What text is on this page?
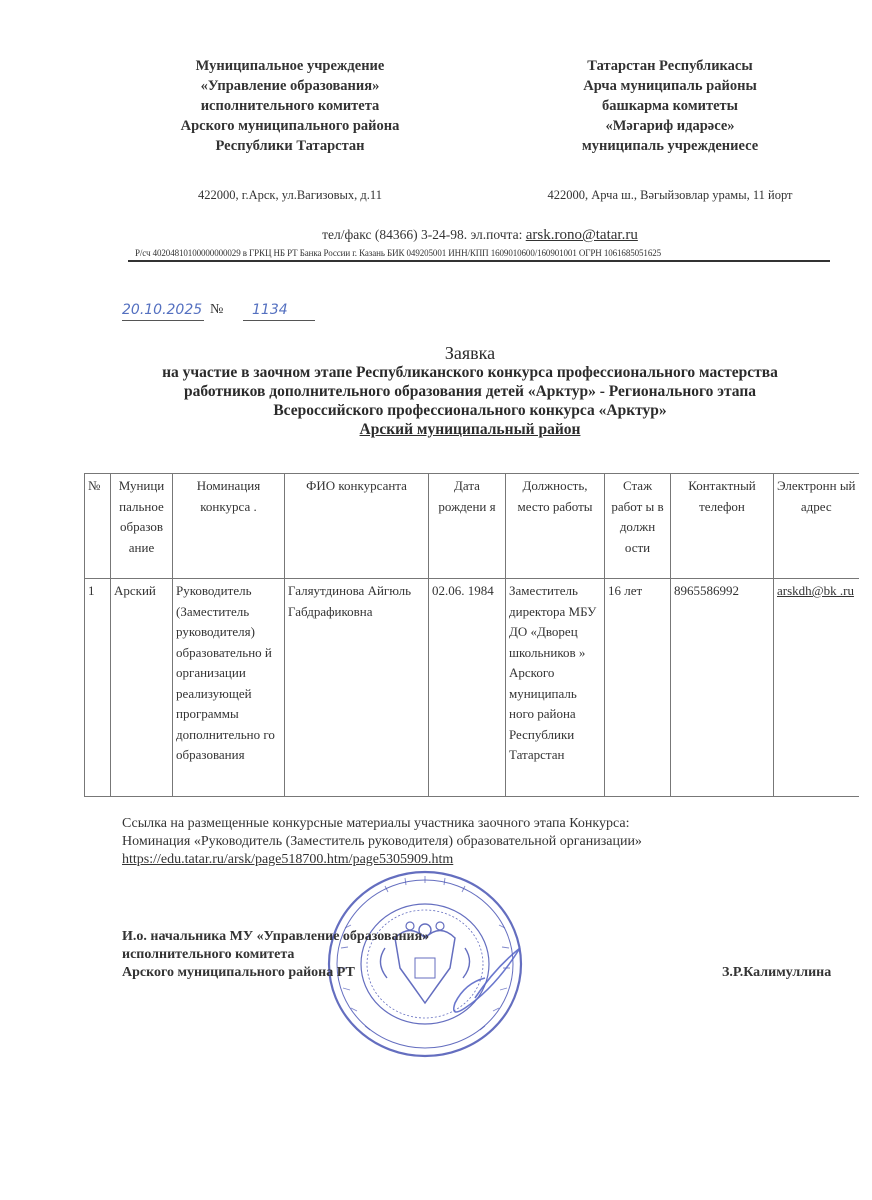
Муниципальное учреждение
«Управление образования»
исполнительного комитета
Арского муниципального района
Республики Татарстан
422000, г.Арск, ул.Вагизовых, д.11
Татарстан Республикасы
Арча муниципаль районы
башкарма комитеты
«Мәгариф идарәсе»
муниципаль учреждениесе
422000, Арча ш., Вәгыйзовлар урамы, 11 йорт
тел/факс (84366) 3-24-98. эл.почта: arsk.rono@tatar.ru
Р/сч 40204810100000000029 в ГРКЦ НБ РТ Банка России г. Казань БИК 049205001 ИНН/КПП 1609010600/160901001 ОГРН 1061685051625
20.10.2025 № 1134
Заявка
на участие в заочном этапе Республиканского конкурса профессионального мастерства
работников дополнительного образования детей «Арктур» - Регионального этапа
Всероссийского профессионального конкурса «Арктур»
Арский муниципальный район
№	Муници пальное образов ание	Номинация конкурса .	ФИО конкурсанта	Дата рождени я	Должность, место работы	Стаж работ ы в должн ости	Контактный телефон	Электронн ый адрес
1	Арский	Руководитель (Заместитель руководителя) образовательно й организации реализующей программы дополнительно го образования	Галяутдинова Айгюль Габдрафиковна	02.06. 1984	Заместитель директора МБУ ДО «Дворец школьников » Арского муниципаль ного района Республики Татарстан	16 лет	8965586992	arskdh@bk .ru
Ссылка на размещенные конкурсные материалы участника заочного этапа Конкурса:
Номинация «Руководитель (Заместитель руководителя) образовательной организации»
https://edu.tatar.ru/arsk/page518700.htm/page5305909.htm
И.о. начальника МУ «Управление образования»
исполнительного комитета
Арского муниципального района РТ	З.Р.Калимуллина
